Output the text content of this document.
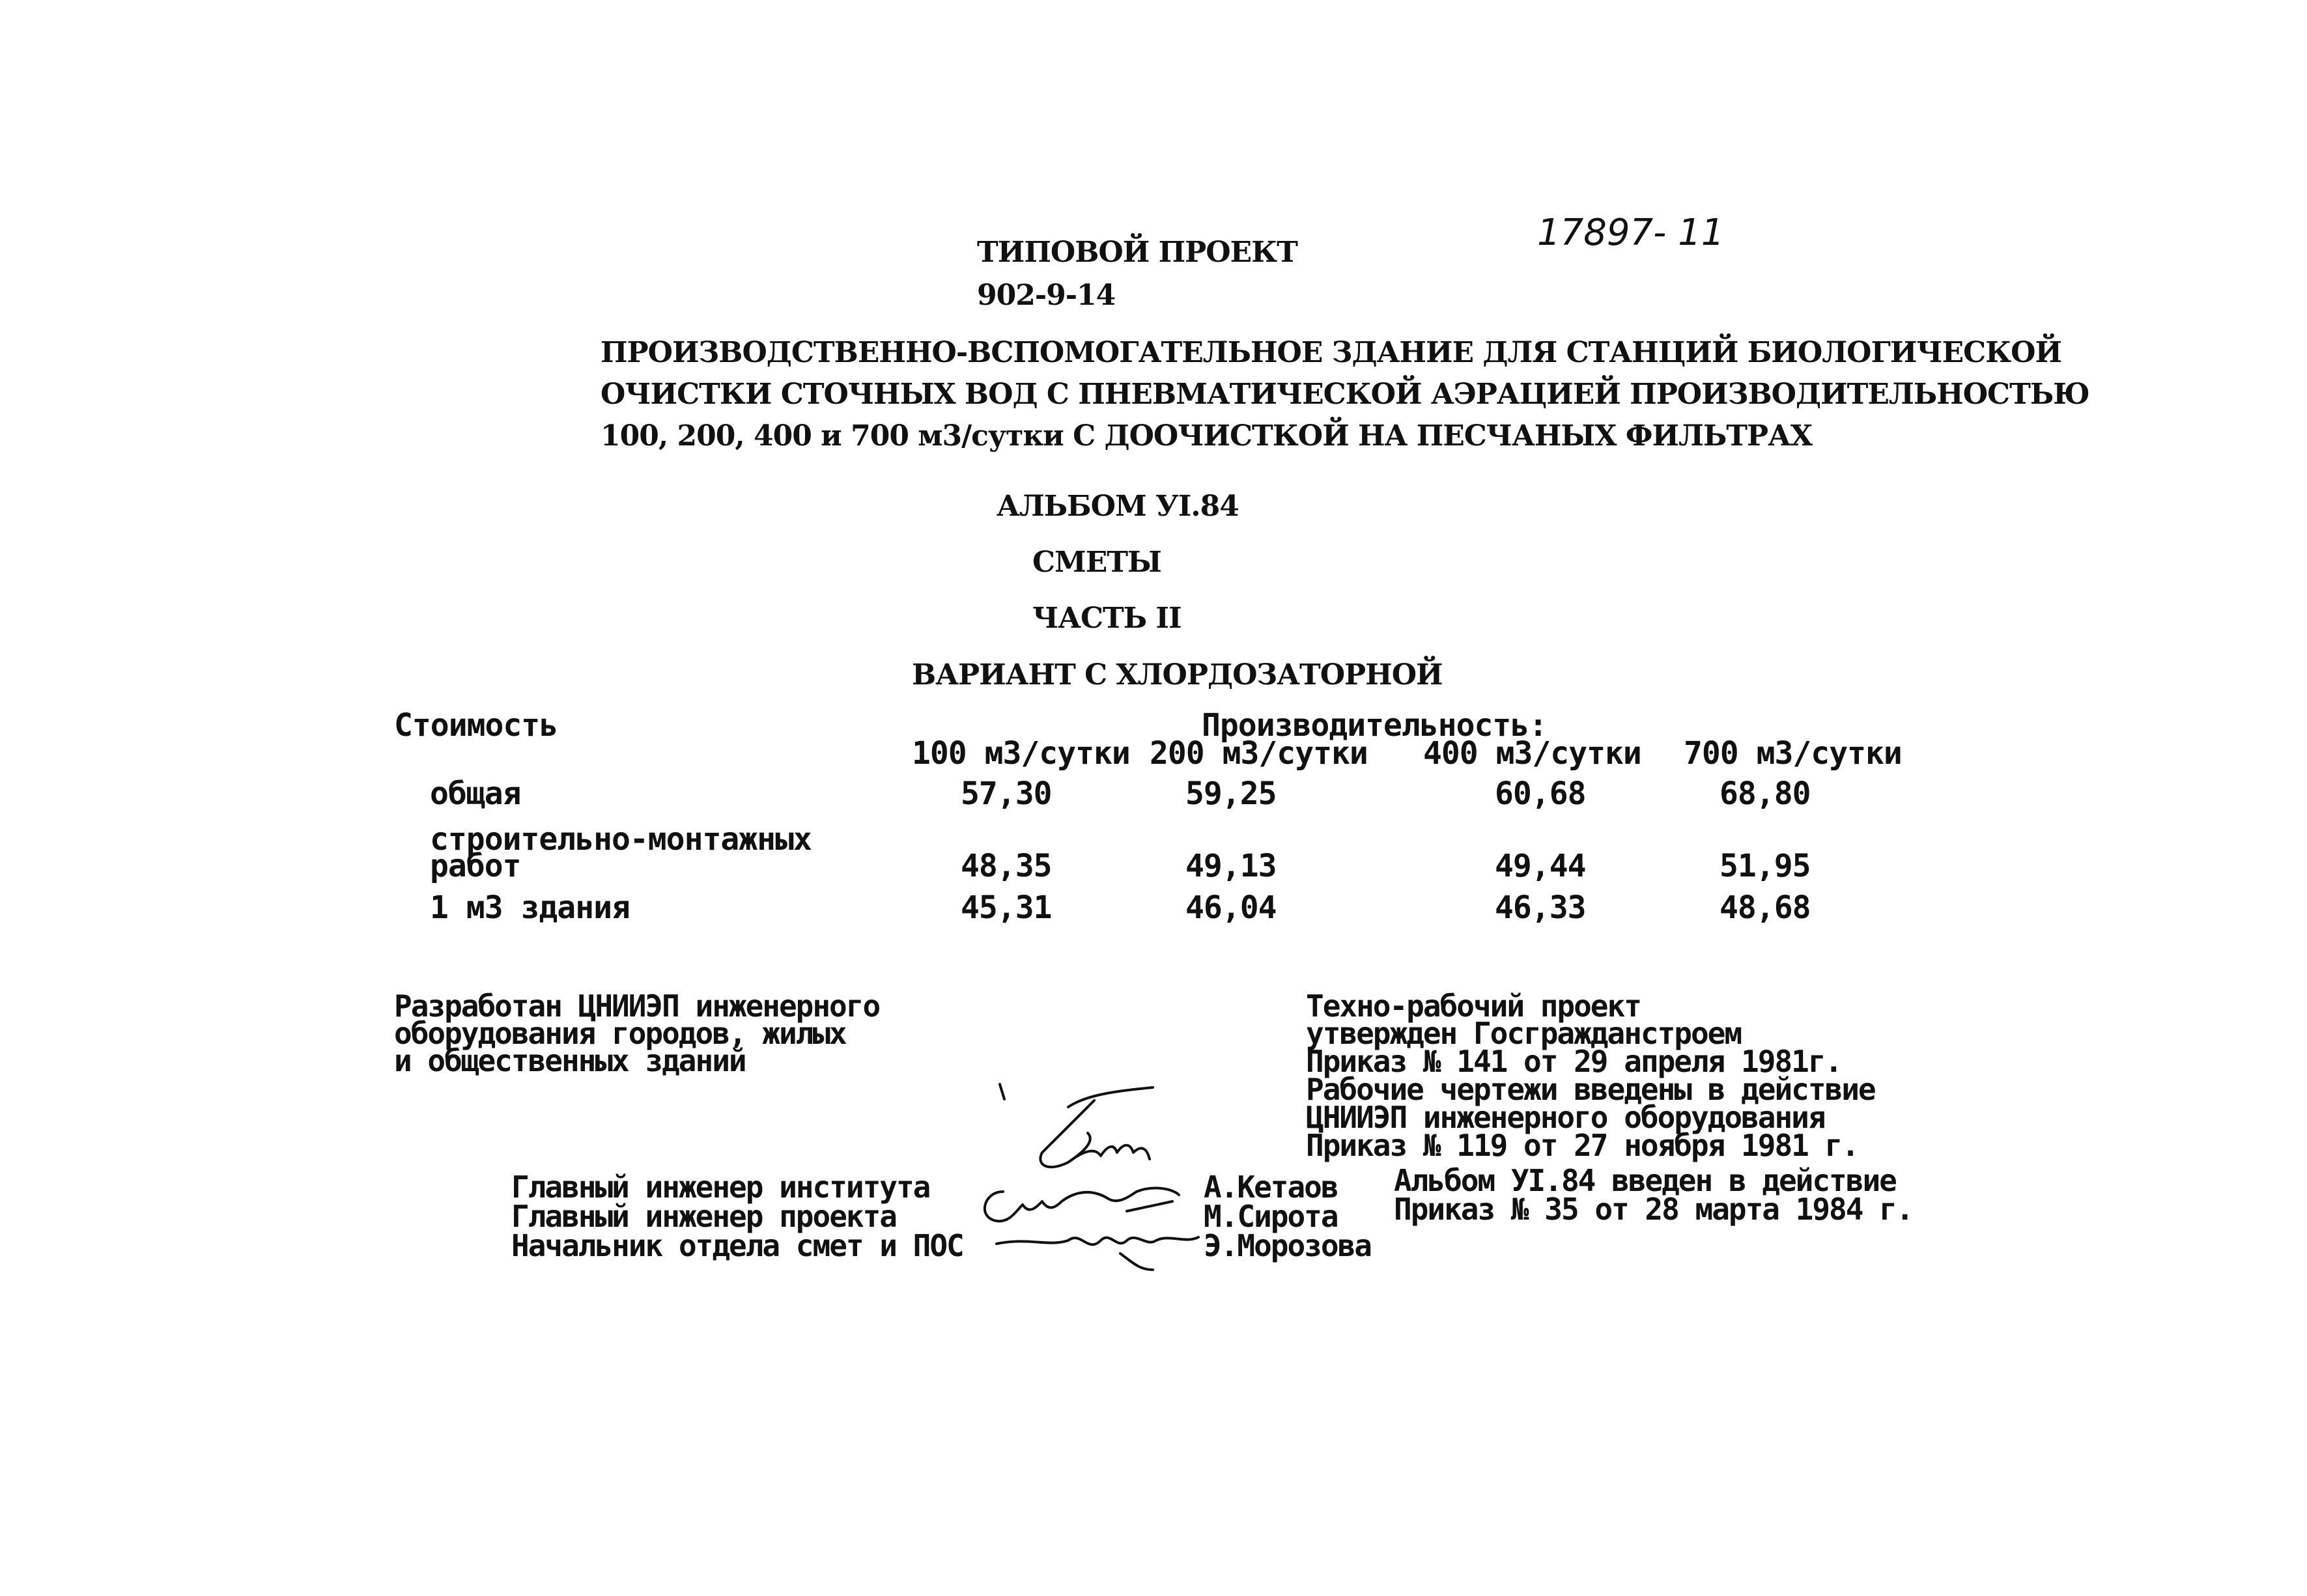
17897- 11
ТИПОВОЙ ПРОЕКТ
902-9-14
ПРОИЗВОДСТВЕННО-ВСПОМОГАТЕЛЬНОЕ ЗДАНИЕ ДЛЯ СТАНЦИЙ БИОЛОГИЧЕСКОЙ
ОЧИСТКИ СТОЧНЫХ ВОД С ПНЕВМАТИЧЕСКОЙ АЭРАЦИЕЙ ПРОИЗВОДИТЕЛЬНОСТЬЮ
100, 200, 400 и 700 м3/сутки С ДООЧИСТКОЙ НА ПЕСЧАНЫХ ФИЛЬТРАХ
АЛЬБОМ УI.84
СМЕТЫ
ЧАСТЬ II
ВАРИАНТ С ХЛОРДОЗАТОРНОЙ
Стоимость	Производительность:
100 м3/сутки 200 м3/сутки 400 м3/сутки 700 м3/сутки
общая	57,30	59,25	60,68	68,80
строительно-монтажных
работ	48,35	49,13	49,44	51,95
1 м3 здания	45,31	46,04	46,33	48,68
Разработан ЦНИИЭП инженерного
оборудования городов, жилых
и общественных зданий
Техно-рабочий проект
утвержден Госгражданстроем
Приказ № 141 от 29 апреля 1981г.
Рабочие чертежи введены в действие
ЦНИИЭП инженерного оборудования
Приказ № 119 от 27 ноября 1981 г.
Альбом УI.84 введен в действие
Приказ № 35 от 28 марта 1984 г.
Главный инженер института	А.Кетаов
Главный инженер проекта	М.Сирота
Начальник отдела смет и ПОС	Э.Морозова
